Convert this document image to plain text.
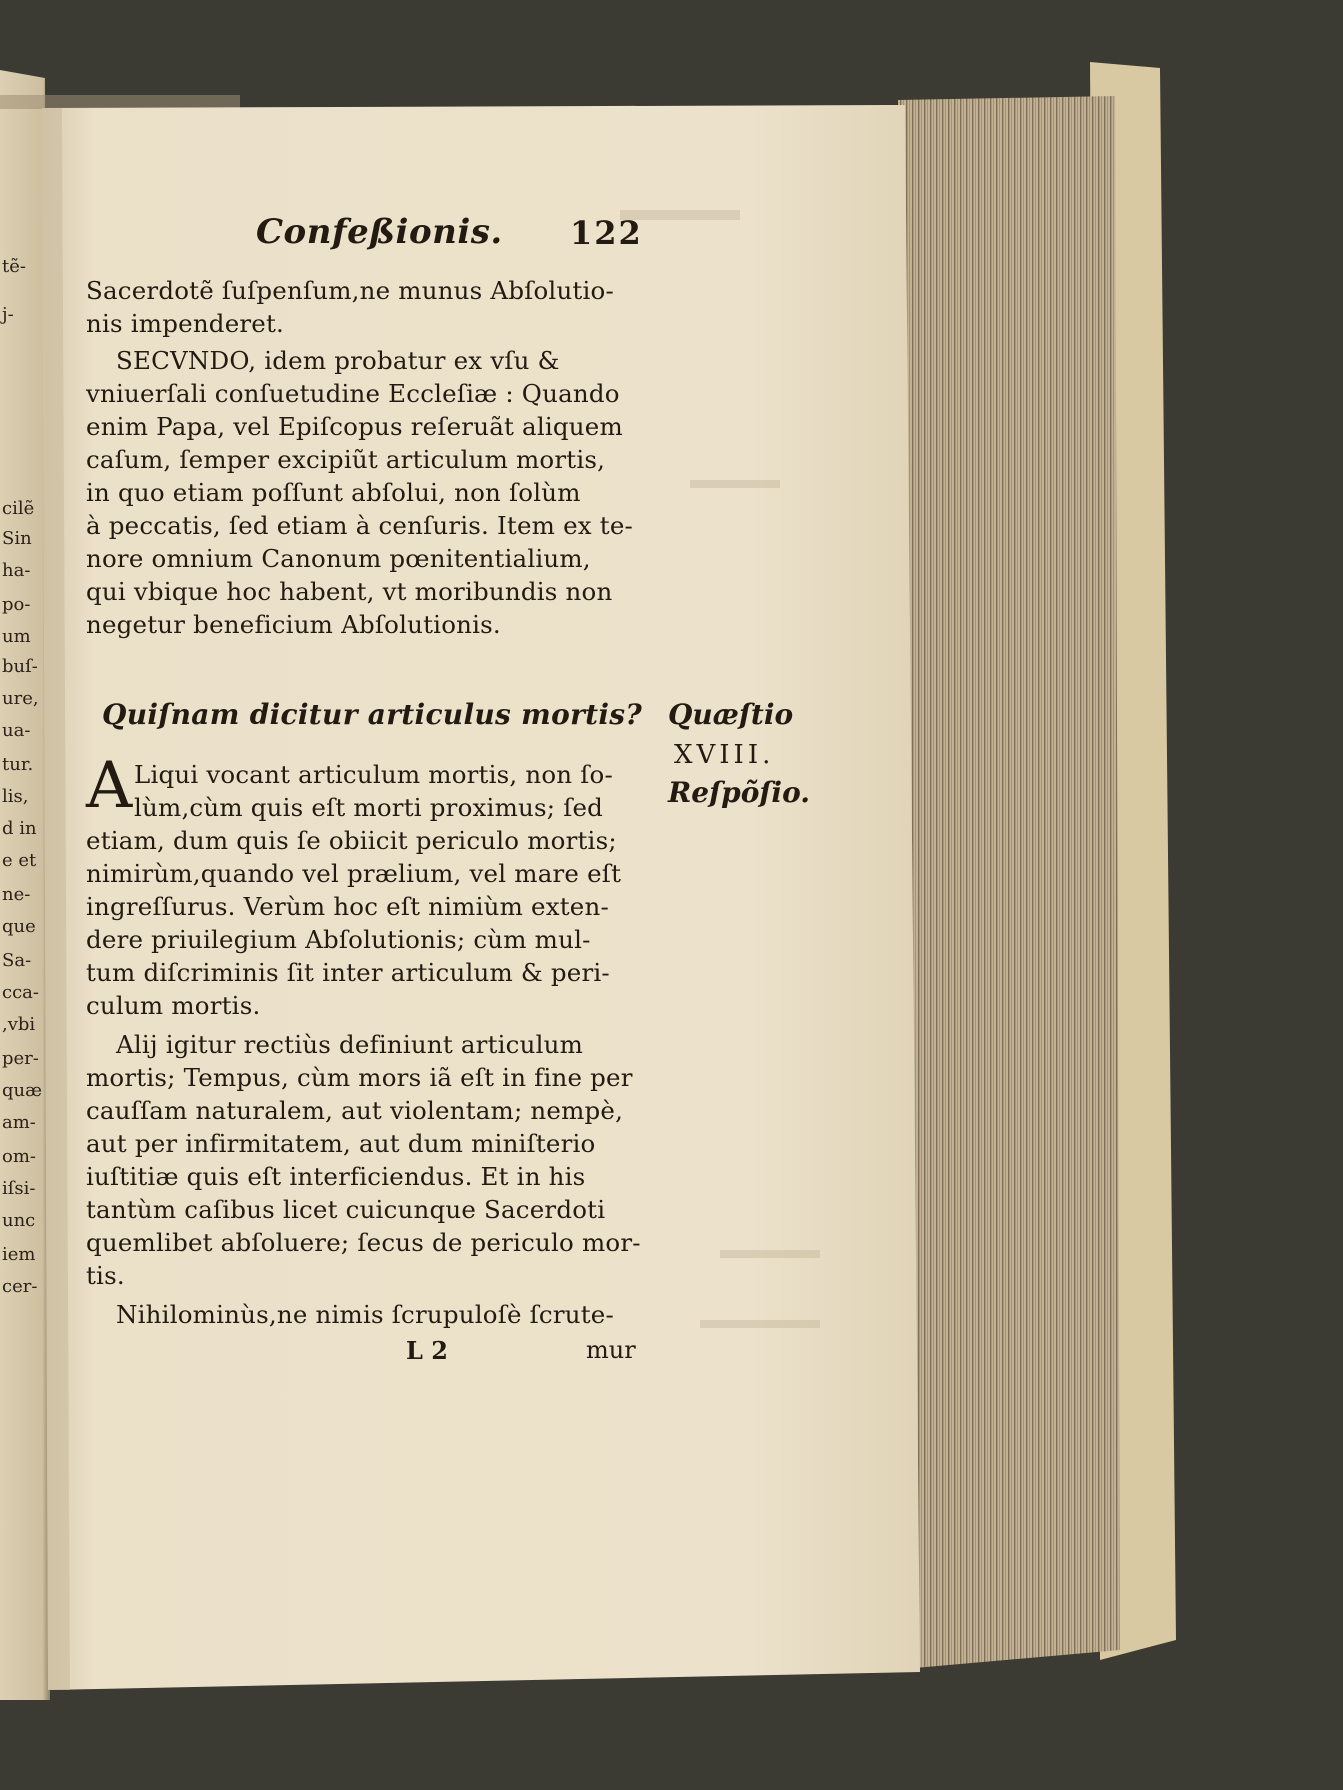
tẽ-
j-
cilẽ
Sin
ha-
po-
um
buſ-
ure,
ua-
tur.
lis,
d in
e et
ne-
que
Sa-
cca-
,vbi
per-
quæ
am-
om-
iſsi-
unc
iem
cer-
Confeßionis. 122
Sacerdotẽ ſuſpenſum,ne munus Abſolutio-
nis impenderet.
SECVNDO, idem probatur ex vſu &
vniuerſali conſuetudine Eccleſiæ : Quando
enim Papa, vel Epiſcopus reſeruãt aliquem
caſum, ſemper excipiũt articulum mortis,
in quo etiam poſſunt abſolui, non ſolùm
à peccatis, ſed etiam à cenſuris. Item ex te-
nore omnium Canonum pœnitentialium,
qui vbique hoc habent, vt moribundis non
negetur beneficium Abſolutionis.
Quiſnam dicitur articulus mortis?
A Liqui vocant articulum mortis, non ſo-
lùm,cùm quis eſt morti proximus; ſed
etiam, dum quis ſe obiicit periculo mortis;
nimirùm,quando vel prælium, vel mare eſt
ingreſſurus. Verùm hoc eſt nimiùm exten-
dere priuilegium Abſolutionis; cùm mul-
tum diſcriminis ſit inter articulum & peri-
culum mortis.
Alij igitur rectiùs definiunt articulum
mortis; Tempus, cùm mors iã eſt in fine per
cauſſam naturalem, aut violentam; nempè,
aut per infirmitatem, aut dum miniſterio
iuſtitiæ quis eſt interficiendus. Et in his
tantùm caſibus licet cuicunque Sacerdoti
quemlibet abſoluere; ſecus de periculo mor-
tis.
Nihilominùs,ne nimis ſcrupuloſè ſcrute-
L 2	mur
Quæſtio
XVIII.
Reſpõſio.
